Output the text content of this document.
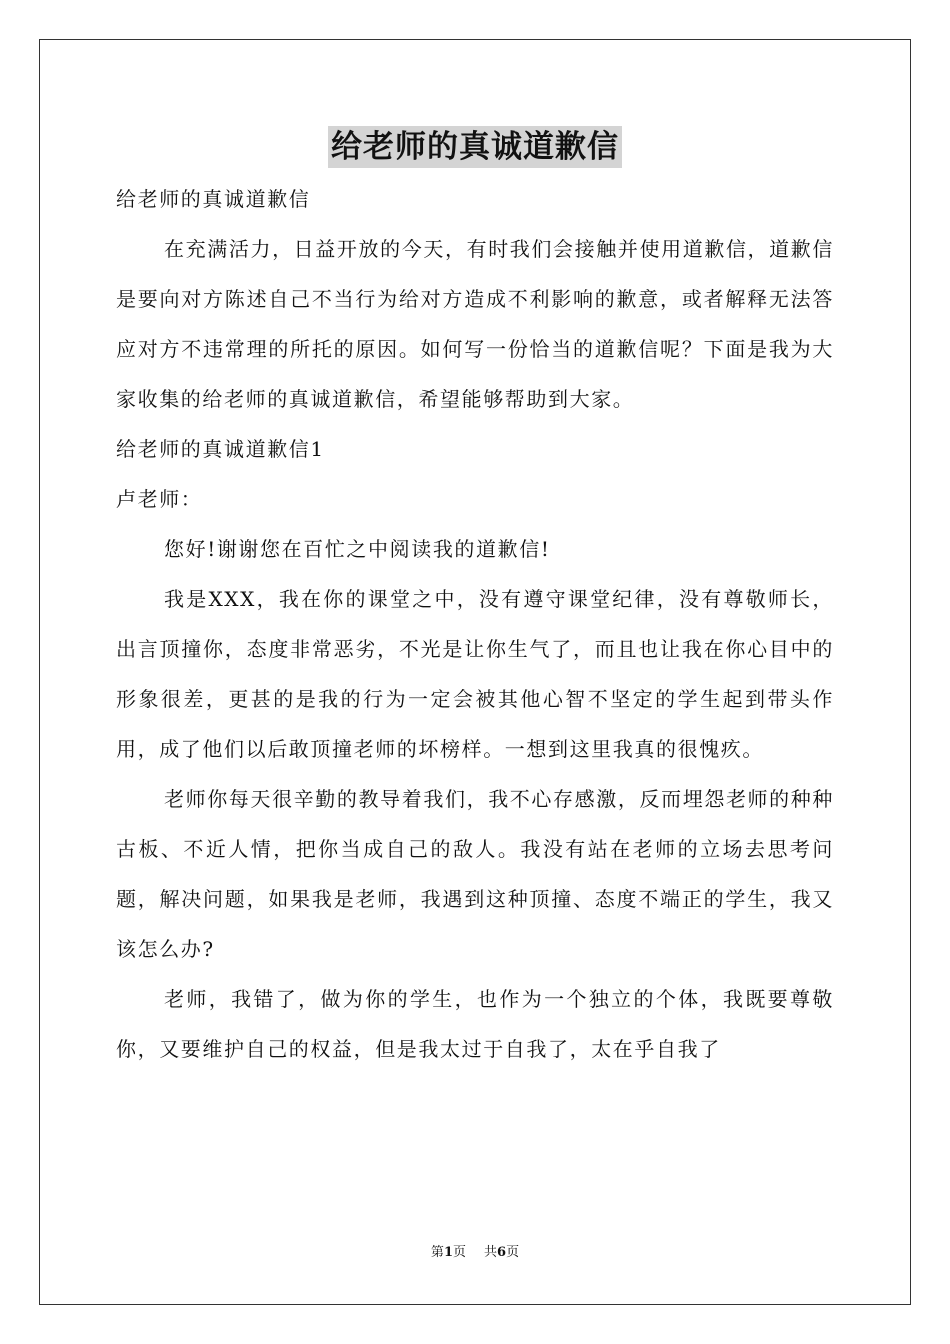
给老师的真诚道歉信

给老师的真诚道歉信

在充满活力，日益开放的今天，有时我们会接触并使用道歉信，道歉信是要向对方陈述自己不当行为给对方造成不利影响的歉意，或者解释无法答应对方不违常理的所托的原因。如何写一份恰当的道歉信呢？下面是我为大家收集的给老师的真诚道歉信，希望能够帮助到大家。

给老师的真诚道歉信1

卢老师：

您好!谢谢您在百忙之中阅读我的道歉信!

我是XXX，我在你的课堂之中，没有遵守课堂纪律，没有尊敬师长，出言顶撞你，态度非常恶劣，不光是让你生气了，而且也让我在你心目中的形象很差，更甚的是我的行为一定会被其他心智不坚定的学生起到带头作用，成了他们以后敢顶撞老师的坏榜样。一想到这里我真的很愧疚。

老师你每天很辛勤的教导着我们，我不心存感激，反而埋怨老师的种种古板、不近人情，把你当成自己的敌人。我没有站在老师的立场去思考问题，解决问题，如果我是老师，我遇到这种顶撞、态度不端正的学生，我又该怎么办?

老师，我错了，做为你的学生，也作为一个独立的个体，我既要尊敬你，又要维护自己的权益，但是我太过于自我了，太在乎自我了

第1页 共6页
